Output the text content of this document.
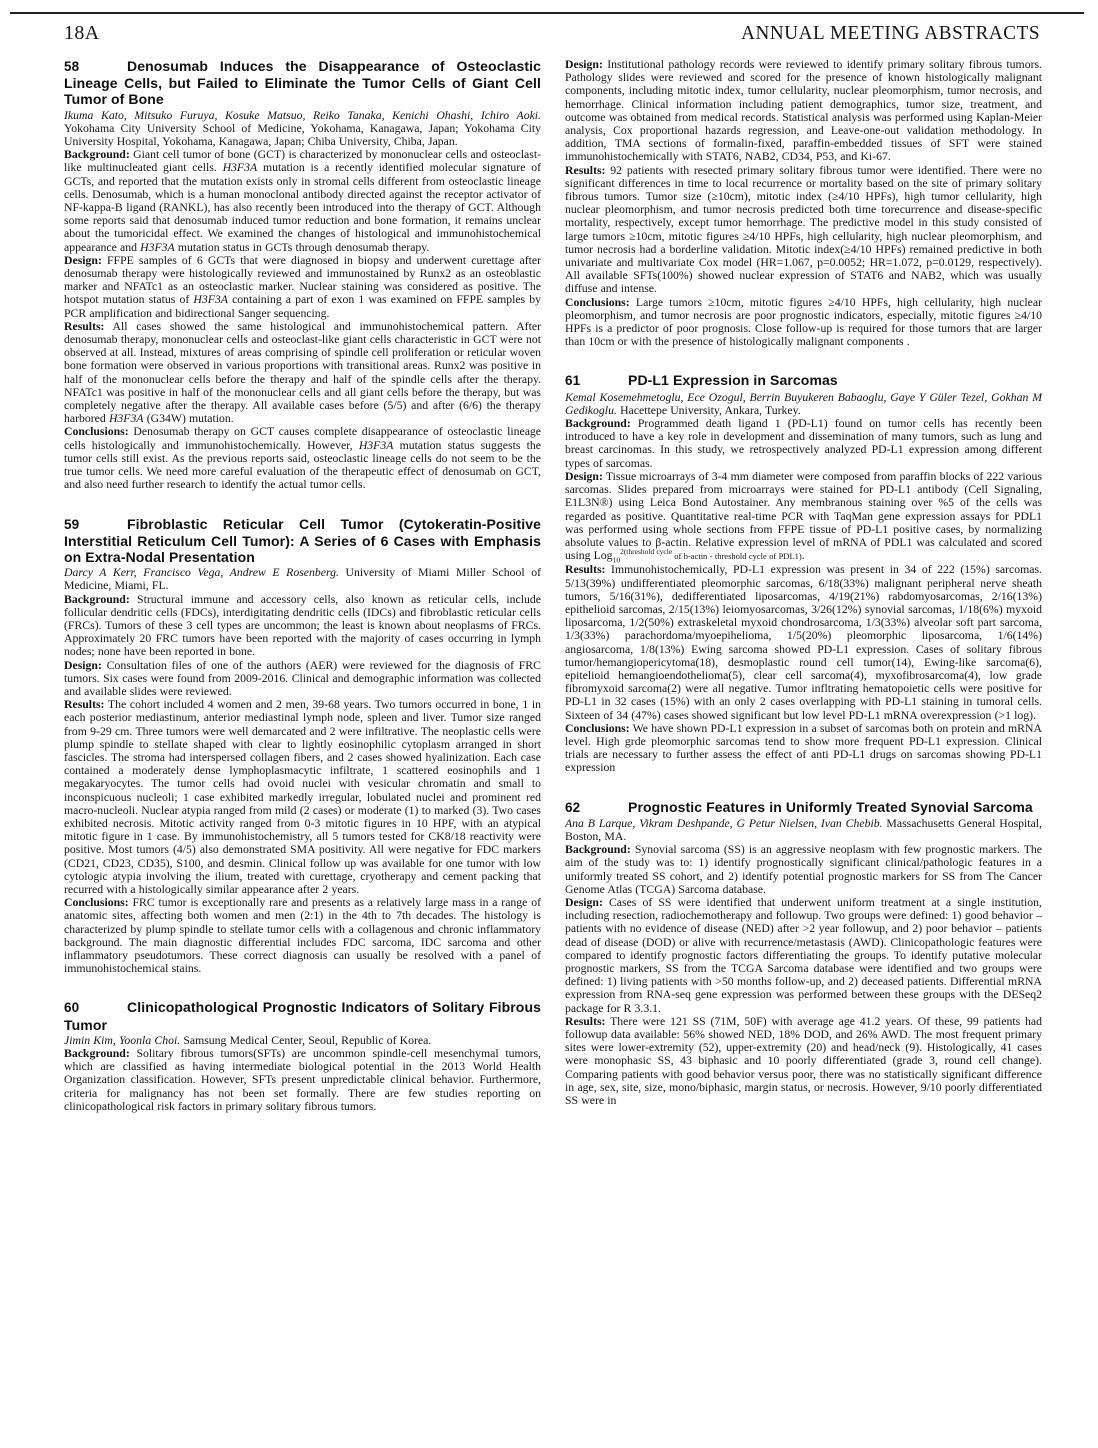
18A	ANNUAL MEETING ABSTRACTS
58	Denosumab Induces the Disappearance of Osteoclastic Lineage Cells, but Failed to Eliminate the Tumor Cells of Giant Cell Tumor of Bone

Ikuma Kato, Mitsuko Furuya, Kosuke Matsuo, Reiko Tanaka, Kenichi Ohashi, Ichiro Aoki. Yokohama City University School of Medicine, Yokohama, Kanagawa, Japan; Yokohama City University Hospital, Yokohama, Kanagawa, Japan; Chiba University, Chiba, Japan.

Background: Giant cell tumor of bone (GCT) is characterized by mononuclear cells and osteoclast-like multinucleated giant cells. H3F3A mutation is a recently identified molecular signature of GCTs, and reported that the mutation exists only in stromal cells different from osteoclastic lineage cells. Denosumab, which is a human monoclonal antibody directed against the receptor activator of NF-kappa-B ligand (RANKL), has also recently been introduced into the therapy of GCT. Although some reports said that denosumab induced tumor reduction and bone formation, it remains unclear about the tumoricidal effect. We examined the changes of histological and immunohistochemical appearance and H3F3A mutation status in GCTs through denosumab therapy.

Design: FFPE samples of 6 GCTs that were diagnosed in biopsy and underwent curettage after denosumab therapy were histologically reviewed and immunostained by Runx2 as an osteoblastic marker and NFATc1 as an osteoclastic marker. Nuclear staining was considered as positive. The hotspot mutation status of H3F3A containing a part of exon 1 was examined on FFPE samples by PCR amplification and bidirectional Sanger sequencing.

Results: All cases showed the same histological and immunohistochemical pattern. After denosumab therapy, mononuclear cells and osteoclast-like giant cells characteristic in GCT were not observed at all. Instead, mixtures of areas comprising of spindle cell proliferation or reticular woven bone formation were observed in various proportions with transitional areas. Runx2 was positive in half of the mononuclear cells before the therapy and half of the spindle cells after the therapy. NFATc1 was positive in half of the mononuclear cells and all giant cells before the therapy, but was completely negative after the therapy. All available cases before (5/5) and after (6/6) the therapy harbored H3F3A (G34W) mutation.

Conclusions: Denosumab therapy on GCT causes complete disappearance of osteoclastic lineage cells histologically and immunohistochemically. However, H3F3A mutation status suggests the tumor cells still exist. As the previous reports said, osteoclastic lineage cells do not seem to be the true tumor cells. We need more careful evaluation of the therapeutic effect of denosumab on GCT, and also need further research to identify the actual tumor cells.

59	Fibroblastic Reticular Cell Tumor (Cytokeratin-Positive Interstitial Reticulum Cell Tumor): A Series of 6 Cases with Emphasis on Extra-Nodal Presentation

Darcy A Kerr, Francisco Vega, Andrew E Rosenberg. University of Miami Miller School of Medicine, Miami, FL.

Background: Structural immune and accessory cells, also known as reticular cells, include follicular dendritic cells (FDCs), interdigitating dendritic cells (IDCs) and fibroblastic reticular cells (FRCs). Tumors of these 3 cell types are uncommon; the least is known about neoplasms of FRCs. Approximately 20 FRC tumors have been reported with the majority of cases occurring in lymph nodes; none have been reported in bone.

Design: Consultation files of one of the authors (AER) were reviewed for the diagnosis of FRC tumors. Six cases were found from 2009-2016. Clinical and demographic information was collected and available slides were reviewed.

Results: The cohort included 4 women and 2 men, 39-68 years. Two tumors occurred in bone, 1 in each posterior mediastinum, anterior mediastinal lymph node, spleen and liver. Tumor size ranged from 9-29 cm. Three tumors were well demarcated and 2 were infiltrative. The neoplastic cells were plump spindle to stellate shaped with clear to lightly eosinophilic cytoplasm arranged in short fascicles. The stroma had interspersed collagen fibers, and 2 cases showed hyalinization. Each case contained a moderately dense lymphoplasmacytic infiltrate, 1 scattered eosinophils and 1 megakaryocytes. The tumor cells had ovoid nuclei with vesicular chromatin and small to inconspicuous nucleoli; 1 case exhibited markedly irregular, lobulated nuclei and prominent red macro-nucleoli. Nuclear atypia ranged from mild (2 cases) or moderate (1) to marked (3). Two cases exhibited necrosis. Mitotic activity ranged from 0-3 mitotic figures in 10 HPF, with an atypical mitotic figure in 1 case. By immunohistochemistry, all 5 tumors tested for CK8/18 reactivity were positive. Most tumors (4/5) also demonstrated SMA positivity. All were negative for FDC markers (CD21, CD23, CD35), S100, and desmin. Clinical follow up was available for one tumor with low cytologic atypia involving the ilium, treated with curettage, cryotherapy and cement packing that recurred with a histologically similar appearance after 2 years.

Conclusions: FRC tumor is exceptionally rare and presents as a relatively large mass in a range of anatomic sites, affecting both women and men (2:1) in the 4th to 7th decades. The histology is characterized by plump spindle to stellate tumor cells with a collagenous and chronic inflammatory background. The main diagnostic differential includes FDC sarcoma, IDC sarcoma and other inflammatory pseudotumors. These correct diagnosis can usually be resolved with a panel of immunohistochemical stains.

60	Clinicopathological Prognostic Indicators of Solitary Fibrous Tumor

Jimin Kim, Yoonla Choi. Samsung Medical Center, Seoul, Republic of Korea.

Background: Solitary fibrous tumors(SFTs) are uncommon spindle-cell mesenchymal tumors, which are classified as having intermediate biological potential in the 2013 World Health Organization classification. However, SFTs present unpredictable clinical behavior. Furthermore, criteria for malignancy has not been set formally. There are few studies reporting on clinicopathological risk factors in primary solitary fibrous tumors.

Design: Institutional pathology records were reviewed to identify primary solitary fibrous tumors. Pathology slides were reviewed and scored for the presence of known histologically malignant components, including mitotic index, tumor cellularity, nuclear pleomorphism, tumor necrosis, and hemorrhage. Clinical information including patient demographics, tumor size, treatment, and outcome was obtained from medical records. Statistical analysis was performed using Kaplan-Meier analysis, Cox proportional hazards regression, and Leave-one-out validation methodology. In addition, TMA sections of formalin-fixed, paraffin-embedded tissues of SFT were stained immunohistochemically with STAT6, NAB2, CD34, P53, and Ki-67.

Results: 92 patients with resected primary solitary fibrous tumor were identified. There were no significant differences in time to local recurrence or mortality based on the site of primary solitary fibrous tumors. Tumor size (≥10cm), mitotic index (≥4/10 HPFs), high tumor cellularity, high nuclear pleomorphism, and tumor necrosis predicted both time torecurrence and disease-specific mortality, respectively, except tumor hemorrhage. The predictive model in this study consisted of large tumors ≥10cm, mitotic figures ≥4/10 HPFs, high cellularity, high nuclear pleomorphism, and tumor necrosis had a borderline validation. Mitotic index(≥4/10 HPFs) remained predictive in both univariate and multivariate Cox model (HR=1.067, p=0.0052; HR=1.072, p=0.0129, respectively). All available SFTs(100%) showed nuclear expression of STAT6 and NAB2, which was usually diffuse and intense.

Conclusions: Large tumors ≥10cm, mitotic figures ≥4/10 HPFs, high cellularity, high nuclear pleomorphism, and tumor necrosis are poor prognostic indicators, especially, mitotic figures ≥4/10 HPFs is a predictor of poor prognosis. Close follow-up is required for those tumors that are larger than 10cm or with the presence of histologically malignant components .

61	PD-L1 Expression in Sarcomas

Kemal Kosemehmetoglu, Ece Ozogul, Berrin Buyukeren Babaoglu, Gaye Y Güler Tezel, Gokhan M Gedikoglu. Hacettepe University, Ankara, Turkey.

Background: Programmed death ligand 1 (PD-L1) found on tumor cells has recently been introduced to have a key role in development and dissemination of many tumors, such as lung and breast carcinomas. In this study, we retrospectively analyzed PD-L1 expression among different types of sarcomas.

Design: Tissue microarrays of 3-4 mm diameter were composed from paraffin blocks of 222 various sarcomas. Slides prepared from microarrays were stained for PD-L1 antibody (Cell Signaling, E1L3N®) using Leica Bond Autostainer. Any membranous staining over %5 of the cells was regarded as positive. Quantitative real-time PCR with TaqMan gene expression assays for PDL1 was performed using whole sections from FFPE tissue of PD-L1 positive cases, by normalizing absolute values to β-actin. Relative expression level of mRNA of PDL1 was calculated and scored using Log$_{10}^{2(threshold cycle}$ of b-actin - threshold cycle of PDL1).

Results: Immunohistochemically, PD-L1 expression was present in 34 of 222 (15%) sarcomas. 5/13(39%) undifferentiated pleomorphic sarcomas, 6/18(33%) malignant peripheral nerve sheath tumors, 5/16(31%), dedifferentiated liposarcomas, 4/19(21%) rabdomyosarcomas, 2/16(13%) epithelioid sarcomas, 2/15(13%) leiomyosarcomas, 3/26(12%) synovial sarcomas, 1/18(6%) myxoid liposarcoma, 1/2(50%) extraskeletal myxoid chondrosarcoma, 1/3(33%) alveolar soft part sarcoma, 1/3(33%) parachordoma/myoepihelioma, 1/5(20%) pleomorphic liposarcoma, 1/6(14%) angiosarcoma, 1/8(13%) Ewing sarcoma showed PD-L1 expression. Cases of solitary fibrous tumor/hemangiopericytoma(18), desmoplastic round cell tumor(14), Ewing-like sarcoma(6), epitelioid hemangioendothelioma(5), clear cell sarcoma(4), myxofibrosarcoma(4), low grade fibromyxoid sarcoma(2) were all negative. Tumor infltrating hematopoietic cells were positive for PD-L1 in 32 cases (15%) with an only 2 cases overlapping with PD-L1 staining in tumoral cells. Sixteen of 34 (47%) cases showed significant but low level PD-L1 mRNA overexpression (>1 log).

Conclusions: We have shown PD-L1 expression in a subset of sarcomas both on protein and mRNA level. High grde pleomorphic sarcomas tend to show more frequent PD-L1 expression. Clinical trials are necessary to further assess the effect of anti PD-L1 drugs on sarcomas showing PD-L1 expression

62	Prognostic Features in Uniformly Treated Synovial Sarcoma

Ana B Larque, Vikram Deshpande, G Petur Nielsen, Ivan Chebib. Massachusetts General Hospital, Boston, MA.

Background: Synovial sarcoma (SS) is an aggressive neoplasm with few prognostic markers. The aim of the study was to: 1) identify prognostically significant clinical/pathologic features in a uniformly treated SS cohort, and 2) identify potential prognostic markers for SS from The Cancer Genome Atlas (TCGA) Sarcoma database.

Design: Cases of SS were identified that underwent uniform treatment at a single institution, including resection, radiochemotherapy and followup. Two groups were defined: 1) good behavior – patients with no evidence of disease (NED) after >2 year followup, and 2) poor behavior – patients dead of disease (DOD) or alive with recurrence/metastasis (AWD). Clinicopathologic features were compared to identify prognostic factors differentiating the groups. To identify putative molecular prognostic markers, SS from the TCGA Sarcoma database were identified and two groups were defined: 1) living patients with >50 months follow-up, and 2) deceased patients. Differential mRNA expression from RNA-seq gene expression was performed between these groups with the DESeq2 package for R 3.3.1.

Results: There were 121 SS (71M, 50F) with average age 41.2 years. Of these, 99 patients had followup data available: 56% showed NED, 18% DOD, and 26% AWD. The most frequent primary sites were lower-extremity (52), upper-extremity (20) and head/neck (9). Histologically, 41 cases were monophasic SS, 43 biphasic and 10 poorly differentiated (grade 3, round cell change). Comparing patients with good behavior versus poor, there was no statistically significant difference in age, sex, site, size, mono/biphasic, margin status, or necrosis. However, 9/10 poorly differentiated SS were in
